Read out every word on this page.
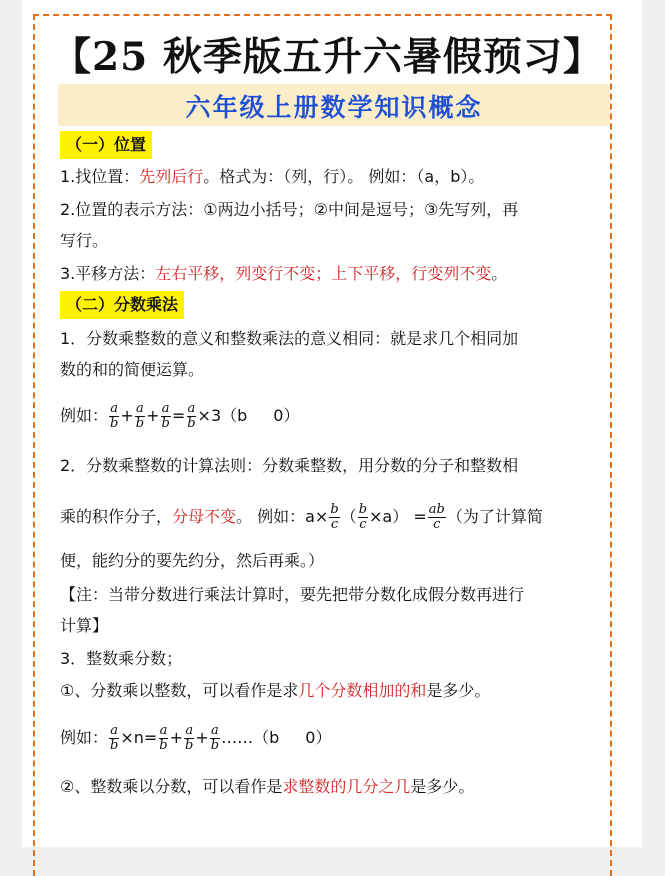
【25 秋季版五升六暑假预习】
六年级上册数学知识概念
（一）位置
1.找位置：先列后行。格式为：（列，行）。 例如：（a，b）。
2.位置的表示方法：①两边小括号；②中间是逗号；③先写列，再
写行。
3.平移方法：左右平移，列变行不变；上下平移，行变列不变。
（二）分数乘法
1．分数乘整数的意义和整数乘法的意义相同：就是求几个相同加
数的和的简便运算。
例如： $\frac{a}{b} + \frac{a}{b} + \frac{a}{b} = \frac{a}{b} \times 3(b$ 0）
2．分数乘整数的计算法则：分数乘整数，用分数的分子和整数相
乘的积作分子，分母不变。 例如：$a\times \frac{b}{c}$ （ $\frac{b}{c} \times a) = \frac{ab}{c}$ （为了计算简
便，能约分的要先约分，然后再乘。）
【注：当带分数进行乘法计算时，要先把带分数化成假分数再进行
计算】
3．整数乘分数；
①、分数乘以整数，可以看作是求几个分数相加的和是多少。
例如： $\frac{a}{b} \times n= \frac{a}{b} + \frac{a}{b} + \frac{a}{b}$ ……（b 0）
②、整数乘以分数，可以看作是求整数的几分之几是多少。
